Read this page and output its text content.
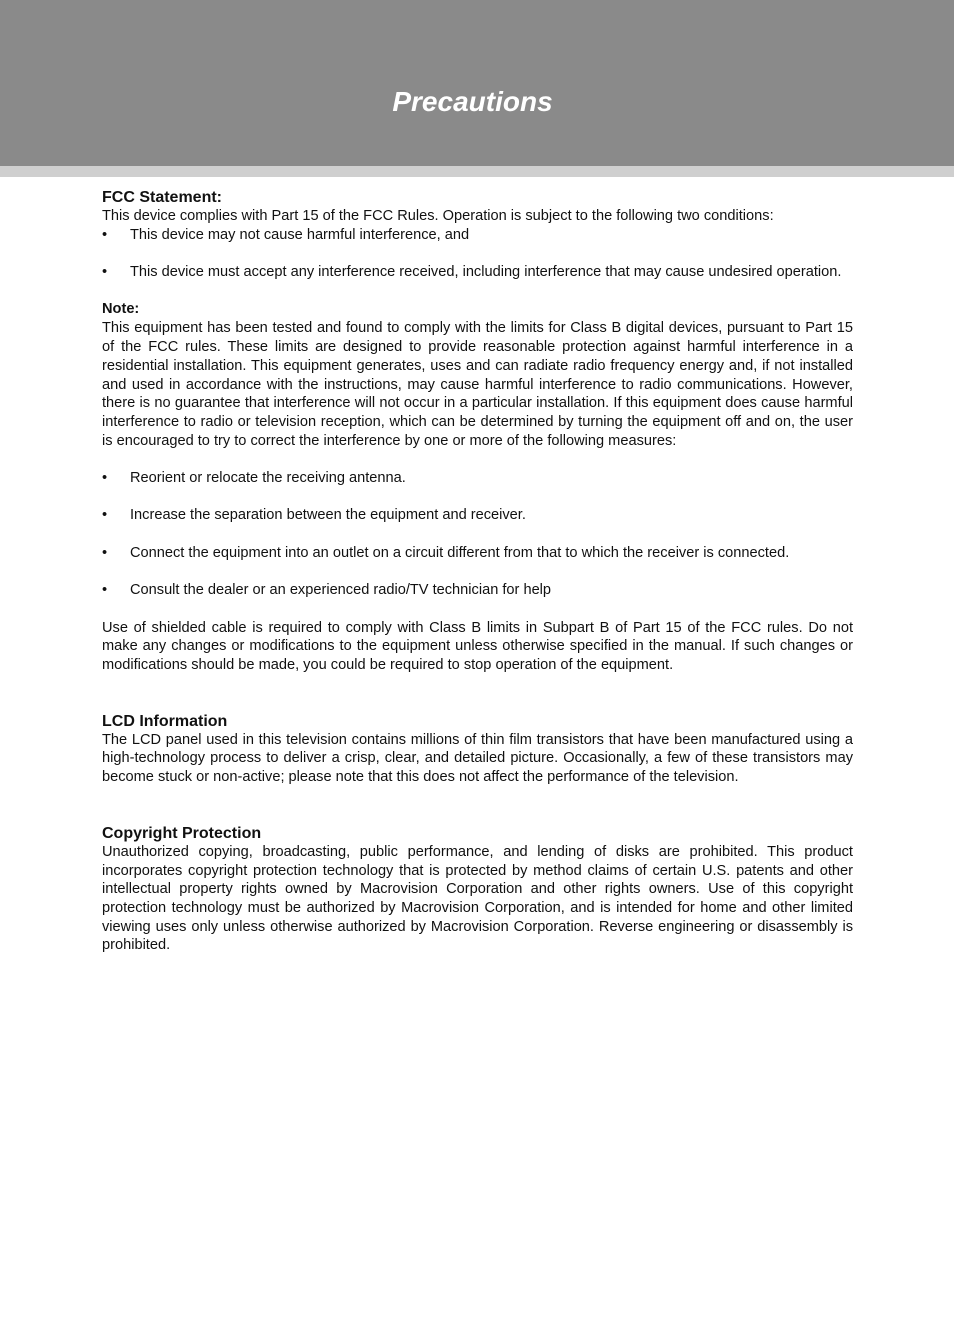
Precautions
FCC Statement:

This device complies with Part 15 of the FCC Rules. Operation is subject to the following two conditions:

• This device may not cause harmful interference, and
• This device must accept any interference received, including interference that may cause undesired operation.
Note:

This equipment has been tested and found to comply with the limits for Class B digital devices, pursuant to Part 15 of the FCC rules. These limits are designed to provide reasonable protection against harmful interference in a residential installation. This equipment generates, uses and can radiate radio frequency energy and, if not installed and used in accordance with the instructions, may cause harmful interference to radio communications. However, there is no guarantee that interference will not occur in a particular installation. If this equipment does cause harmful interference to radio or television reception, which can be determined by turning the equipment off and on, the user is encouraged to try to correct the interference by one or more of the following measures:

• Reorient or relocate the receiving antenna.
• Increase the separation between the equipment and receiver.
• Connect the equipment into an outlet on a circuit different from that to which the receiver is connected.
• Consult the dealer or an experienced radio/TV technician for help

Use of shielded cable is required to comply with Class B limits in Subpart B of Part 15 of the FCC rules. Do not make any changes or modifications to the equipment unless otherwise specified in the manual. If such changes or modifications should be made, you could be required to stop operation of the equipment.

LCD Information

The LCD panel used in this television contains millions of thin film transistors that have been manufactured using a high-technology process to deliver a crisp, clear, and detailed picture. Occasionally, a few of these transistors may become stuck or non-active; please note that this does not affect the performance of the television.

Copyright Protection

Unauthorized copying, broadcasting, public performance, and lending of disks are prohibited. This product incorporates copyright protection technology that is protected by method claims of certain U.S. patents and other intellectual property rights owned by Macrovision Corporation and other rights owners. Use of this copyright protection technology must be authorized by Macrovision Corporation, and is intended for home and other limited viewing uses only unless otherwise authorized by Macrovision Corporation. Reverse engineering or disassembly is prohibited.
